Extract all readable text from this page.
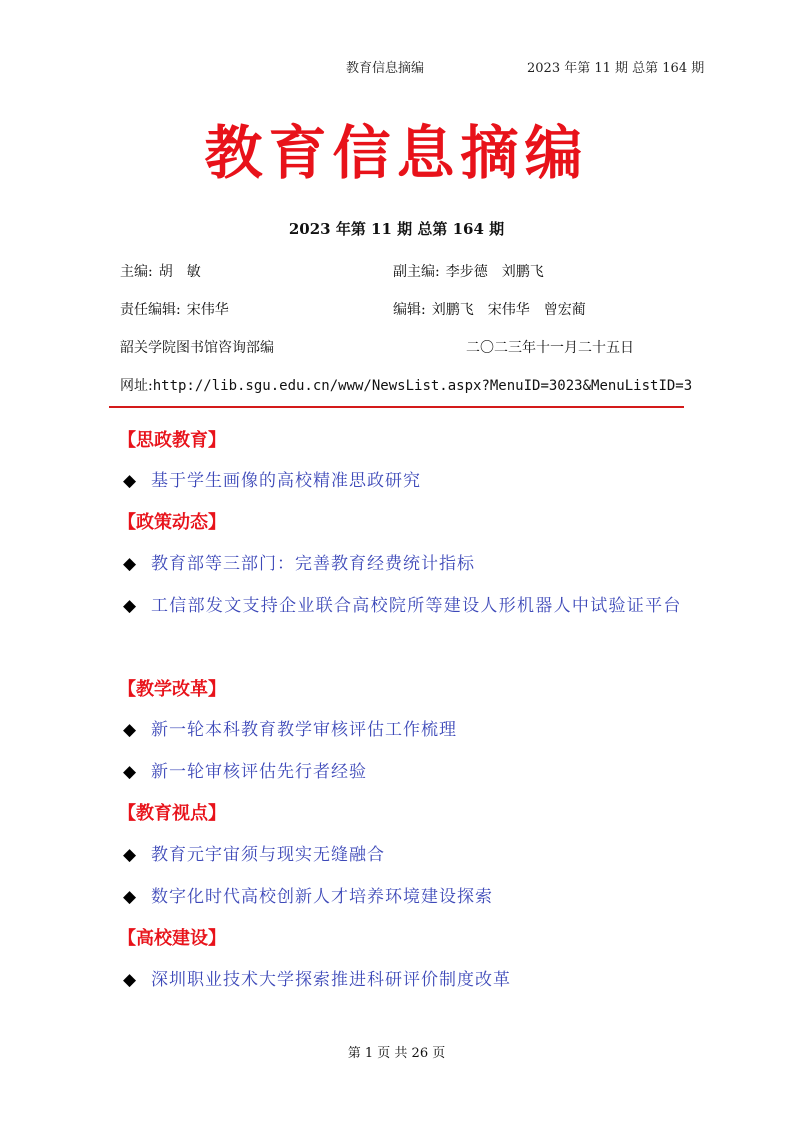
教育信息摘编	2023 年第 11 期 总第 164 期
教育信息摘编
2023 年第 11 期 总第 164 期
主编: 胡　敏	副主编: 李步德　刘鹏飞
责任编辑: 宋伟华	编辑: 刘鹏飞　宋伟华　曾宏蔺
韶关学院图书馆咨询部编	二〇二三年十一月二十五日
网址:http://lib.sgu.edu.cn/www/NewsList.aspx?MenuID=3023&MenuListID=3
【思政教育】
◆ 基于学生画像的高校精准思政研究
【政策动态】
◆ 教育部等三部门：完善教育经费统计指标
◆ 工信部发文支持企业联合高校院所等建设人形机器人中试验证平台
【教学改革】
◆ 新一轮本科教育教学审核评估工作梳理
◆ 新一轮审核评估先行者经验
【教育视点】
◆ 教育元宇宙须与现实无缝融合
◆ 数字化时代高校创新人才培养环境建设探索
【高校建设】
◆ 深圳职业技术大学探索推进科研评价制度改革
第 1 页 共 26 页
